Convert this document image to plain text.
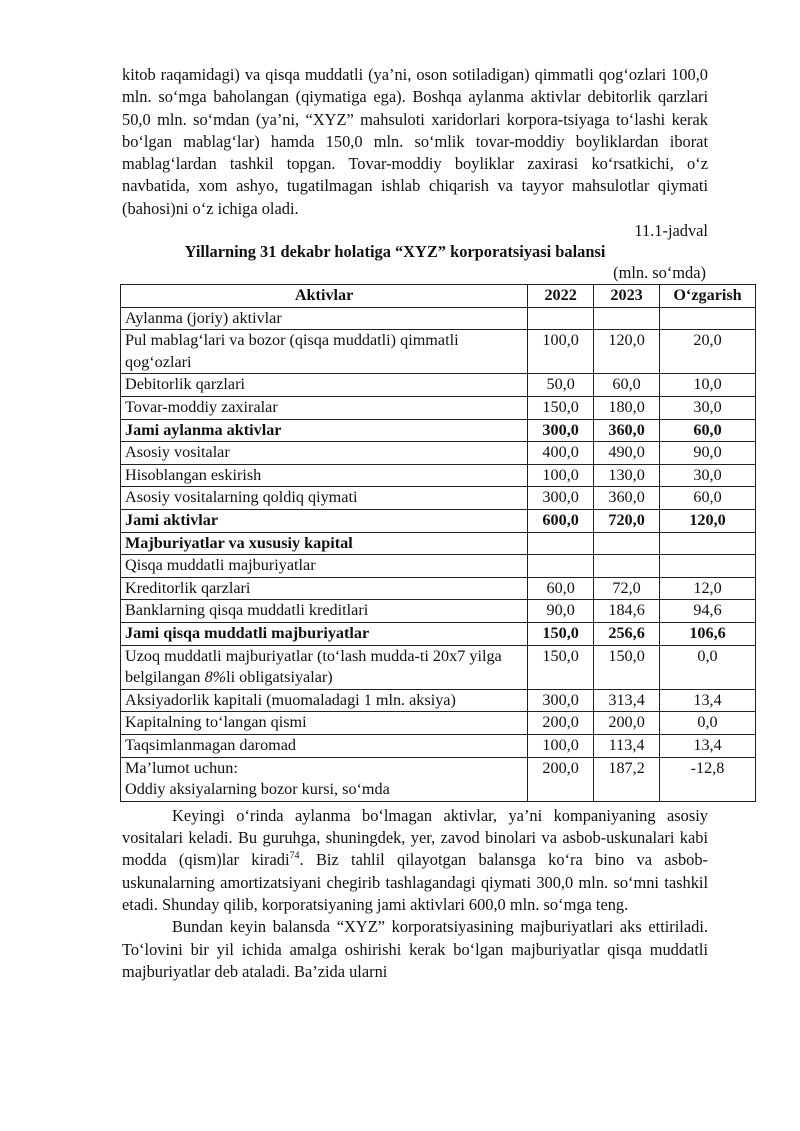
kitob raqamidagi) va qisqa muddatli (ya’ni, oson sotiladigan) qimmatli qog‘ozlari 100,0 mln. so‘mga baholangan (qiymatiga ega). Boshqa aylanma aktivlar debitorlik qarzlari 50,0 mln. so‘mdan (ya’ni, “XYZ” mahsuloti xaridorlari korpora-tsiyaga to‘lashi kerak bo‘lgan mablag‘lar) hamda 150,0 mln. so‘mlik tovar-moddiy boyliklardan iborat mablag‘lardan tashkil topgan. Tovar-moddiy boyliklar zaxirasi ko‘rsatkichi, o‘z navbatida, xom ashyo, tugatilmagan ishlab chiqarish va tayyor mahsulotlar qiymati (bahosi)ni o‘z ichiga oladi.

11.1-jadval
Yillarning 31 dekabr holatiga “XYZ” korporatsiyasi balansi
(mln. so‘mda)
Aktivlar	2022	2023	O‘zgarish
Aylanma (joriy) aktivlar			
Pul mablag‘lari va bozor (qisqa muddatli) qimmatli qog‘ozlari	100,0	120,0	20,0
Debitorlik qarzlari	50,0	60,0	10,0
Tovar-moddiy zaxiralar	150,0	180,0	30,0
Jami aylanma aktivlar	300,0	360,0	60,0
Asosiy vositalar	400,0	490,0	90,0
Hisoblangan eskirish	100,0	130,0	30,0
Asosiy vositalarning qoldiq qiymati	300,0	360,0	60,0
Jami aktivlar	600,0	720,0	120,0
Majburiyatlar va xususiy kapital			
Qisqa muddatli majburiyatlar			
Kreditorlik qarzlari	60,0	72,0	12,0
Banklarning qisqa muddatli kreditlari	90,0	184,6	94,6
Jami qisqa muddatli majburiyatlar	150,0	256,6	106,6
Uzoq muddatli majburiyatlar (to‘lash mudda-ti 20x7 yilga belgilangan 8%li obligatsiyalar)	150,0	150,0	0,0
Aksiyadorlik kapitali (muomaladagi 1 mln. aksiya)	300,0	313,4	13,4
Kapitalning to‘langan qismi	200,0	200,0	0,0
Taqsimlanmagan daromad	100,0	113,4	13,4

Ma’lumot uchun:
Oddiy aksiyalarning bozor kursi, so‘mda	200,0	187,2	-12,8

Keyingi o‘rinda aylanma bo‘lmagan aktivlar, ya’ni kompaniyaning asosiy vositalari keladi. Bu guruhga, shuningdek, yer, zavod binolari va asbob-uskunalari kabi modda (qism)lar kiradi$^{74}$. Biz tahlil qilayotgan balansga ko‘ra bino va asbob- uskunalarning amortizatsiyani chegirib tashlagandagi qiymati 300,0 mln. so‘mni tashkil etadi. Shunday qilib, korporatsiyaning jami aktivlari 600,0 mln. so‘mga teng.

Bundan keyin balansda “XYZ” korporatsiyasining majburiyatlari aks ettiriladi. To‘lovini bir yil ichida amalga oshirishi kerak bo‘lgan majburiyatlar qisqa muddatli majburiyatlar deb ataladi. Ba’zida ularni
